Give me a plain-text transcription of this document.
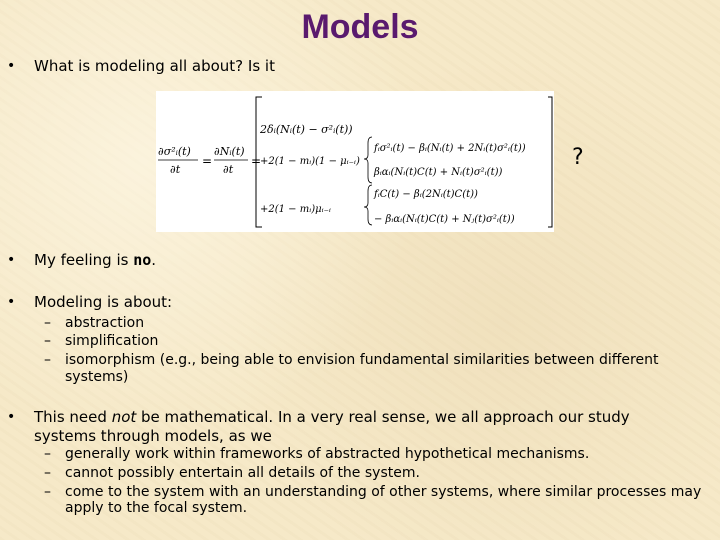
Models
• What is modeling all about? Is it
∂σ²ᵢ(t)
∂t
=
∂Nᵢ(t)
∂t
=
2δᵢ(Nᵢ(t) − σ²ᵢ(t))
fᵢσ²ᵢ(t) − βᵢ(Nᵢ(t) + 2Nᵢ(t)σ²ᵢ(t))
+2(1 − mᵢ)(1 − μᵢ₋ᵢ)
βᵢαᵢ(Nᵢ(t)C(t) + Nᵢ(t)σ²ᵢ(t))
fᵢC(t) − βᵢ(2Nᵢ(t)C(t))
+2(1 − mᵢ)μᵢ₋ᵢ
− βᵢαᵢ(Nᵢ(t)C(t) + Nⱼ(t)σ²ᵢ(t))
?
• My feeling is no.
• Modeling is about:
– abstraction
– simplification
– isomorphism (e.g., being able to envision fundamental similarities between different
systems)
• This need not be mathematical. In a very real sense, we all approach our study
systems through models, as we
– generally work within frameworks of abstracted hypothetical mechanisms.
– cannot possibly entertain all details of the system.
– come to the system with an understanding of other systems, where similar processes may
apply to the focal system.
